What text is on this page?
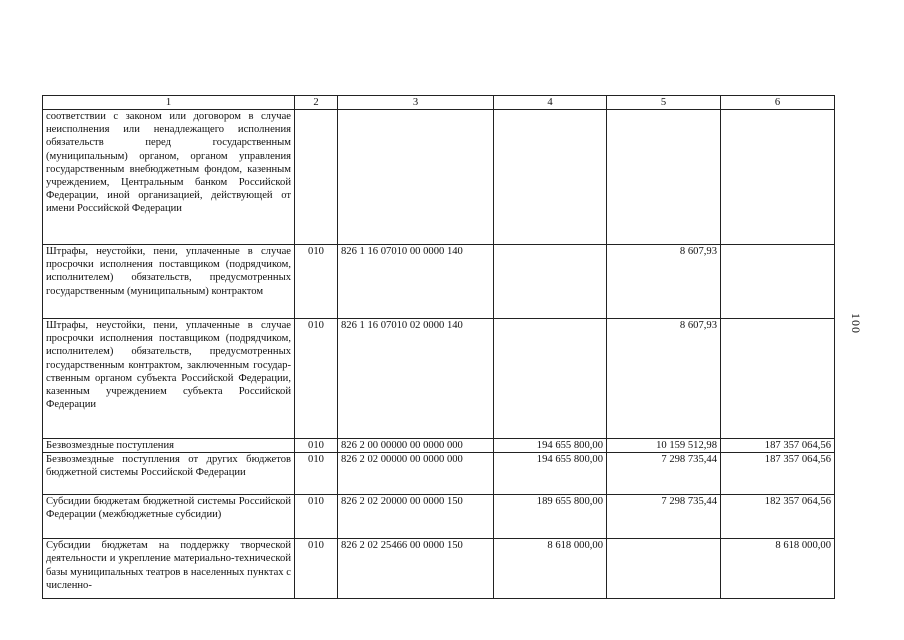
1	2	3	4	5	6
соответствии с законом или договором в случае неисполнения или ненадлежащего исполнения обязательств перед государственным (муниципальным) органом, органом управления государственным внебюджетным фондом, казенным учреждением, Центральным банком Российской Федерации, иной организацией, действующей от имени Российской Федерации					
Штрафы, неустойки, пени, уплаченные в случае просрочки исполнения поставщиком (подрядчиком, исполнителем) обязательств, предусмотренных государственным (муниципальным) контрактом	010	826 1 16 07010 00 0000 140		8 607,93	
Штрафы, неустойки, пени, уплаченные в случае просрочки исполнения поставщиком (подрядчиком, исполнителем) обязательств, предусмотренных государственным контрактом, заключенным государственным органом субъекта Российской Федерации, казенным учреждением субъекта Российской Федерации	010	826 1 16 07010 02 0000 140		8 607,93	
Безвозмездные поступления	010	826 2 00 00000 00 0000 000	194 655 800,00	10 159 512,98	187 357 064,56
Безвозмездные поступления от других бюджетов бюджетной системы Российской Федерации	010	826 2 02 00000 00 0000 000	194 655 800,00	7 298 735,44	187 357 064,56
Субсидии бюджетам бюджетной системы Российской Федерации (межбюджетные субсидии)	010	826 2 02 20000 00 0000 150	189 655 800,00	7 298 735,44	182 357 064,56
Субсидии бюджетам на поддержку творческой деятельности и укрепление материально-технической базы муниципальных театров в населенных пунктах с численно-	010	826 2 02 25466 00 0000 150	8 618 000,00		8 618 000,00
100
